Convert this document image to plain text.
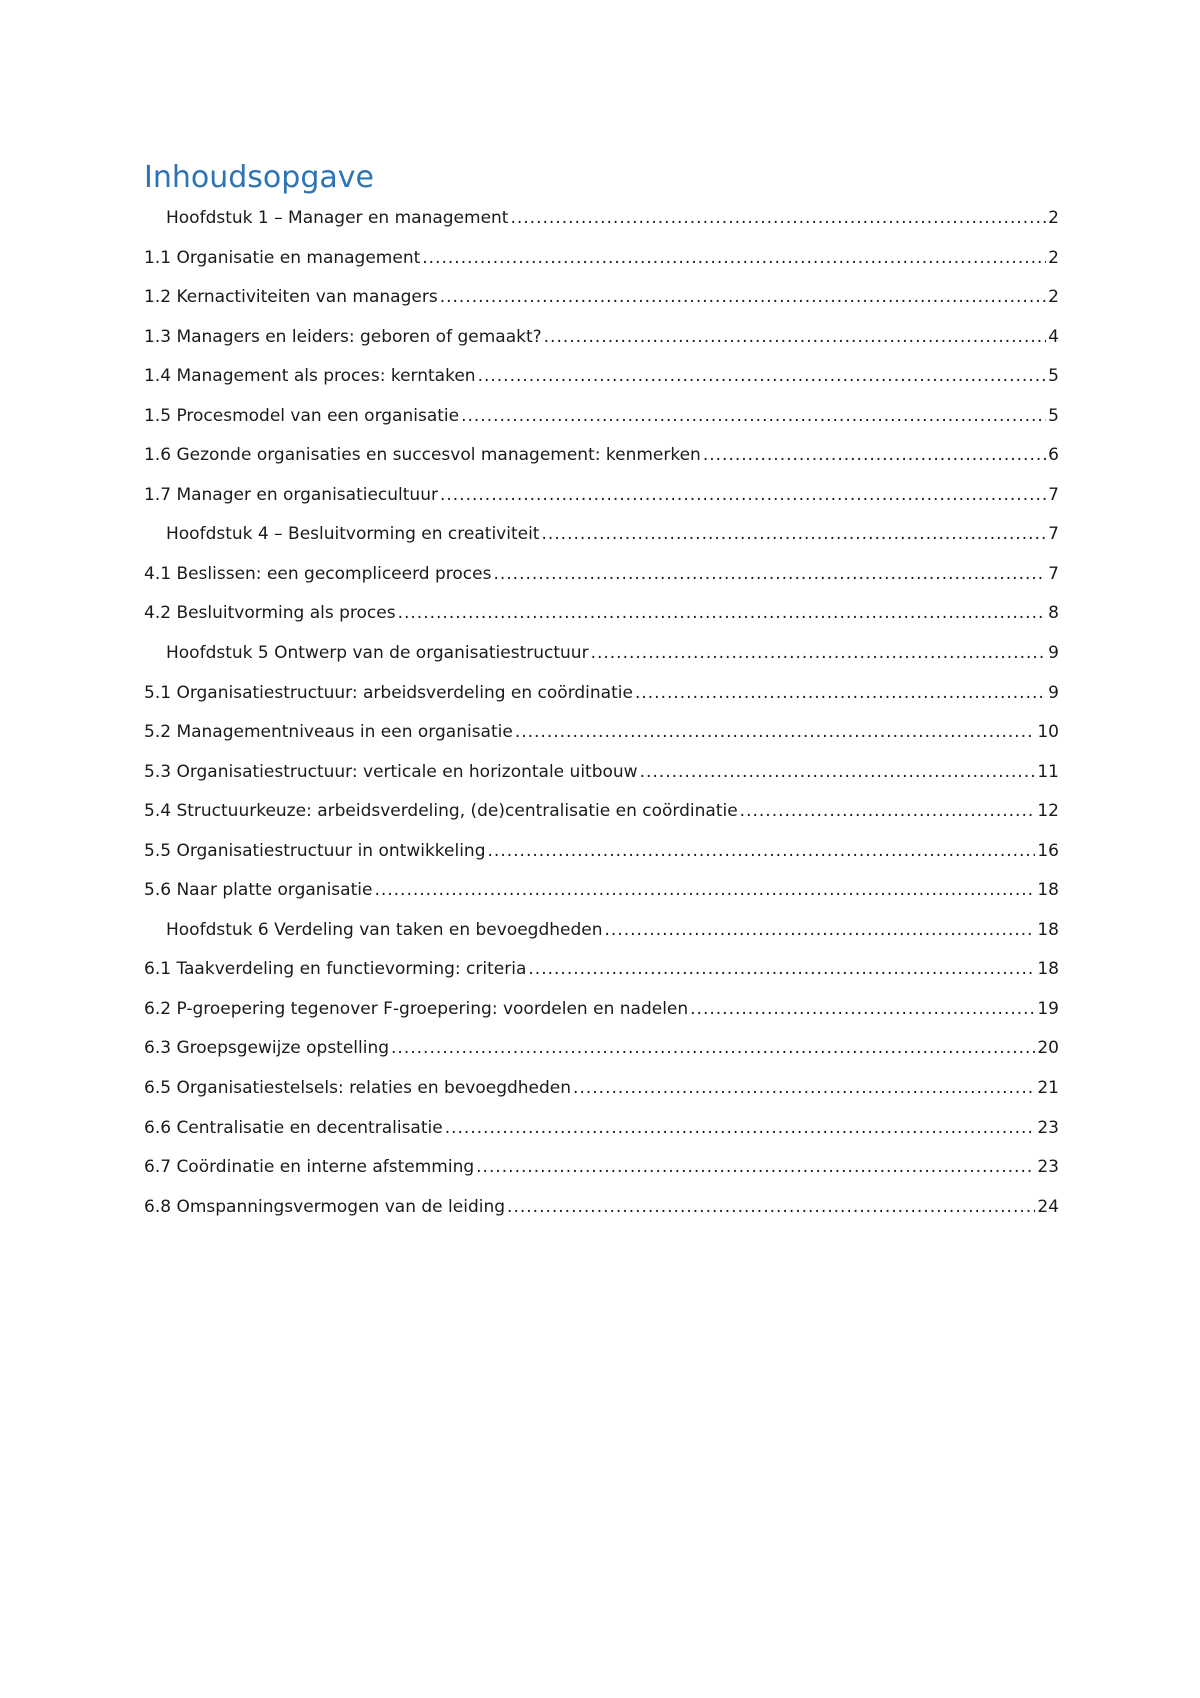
Inhoudsopgave
Hoofdstuk 1 – Manager en management .....	2
1.1 Organisatie en management .....	2
1.2 Kernactiviteiten van managers .....	2
1.3 Managers en leiders: geboren of gemaakt? .....	4
1.4 Management als proces: kerntaken .....	5
1.5 Procesmodel van een organisatie .....	5
1.6 Gezonde organisaties en succesvol management: kenmerken .....	6
1.7 Manager en organisatiecultuur .....	7
Hoofdstuk 4 – Besluitvorming en creativiteit .....	7
4.1 Beslissen: een gecompliceerd proces .....	7
4.2 Besluitvorming als proces .....	8
Hoofdstuk 5 Ontwerp van de organisatiestructuur .....	9
5.1 Organisatiestructuur: arbeidsverdeling en coördinatie .....	9
5.2 Managementniveaus in een organisatie .....	10
5.3 Organisatiestructuur: verticale en horizontale uitbouw .....	11
5.4 Structuurkeuze: arbeidsverdeling, (de)centralisatie en coördinatie .....	12
5.5 Organisatiestructuur in ontwikkeling .....	16
5.6 Naar platte organisatie .....	18
Hoofdstuk 6 Verdeling van taken en bevoegdheden .....	18
6.1 Taakverdeling en functievorming: criteria .....	18
6.2 P-groepering tegenover F-groepering: voordelen en nadelen .....	19
6.3 Groepsgewijze opstelling .....	20
6.5 Organisatiestelsels: relaties en bevoegdheden .....	21
6.6 Centralisatie en decentralisatie .....	23
6.7 Coördinatie en interne afstemming .....	23
6.8 Omspanningsvermogen van de leiding .....	24
